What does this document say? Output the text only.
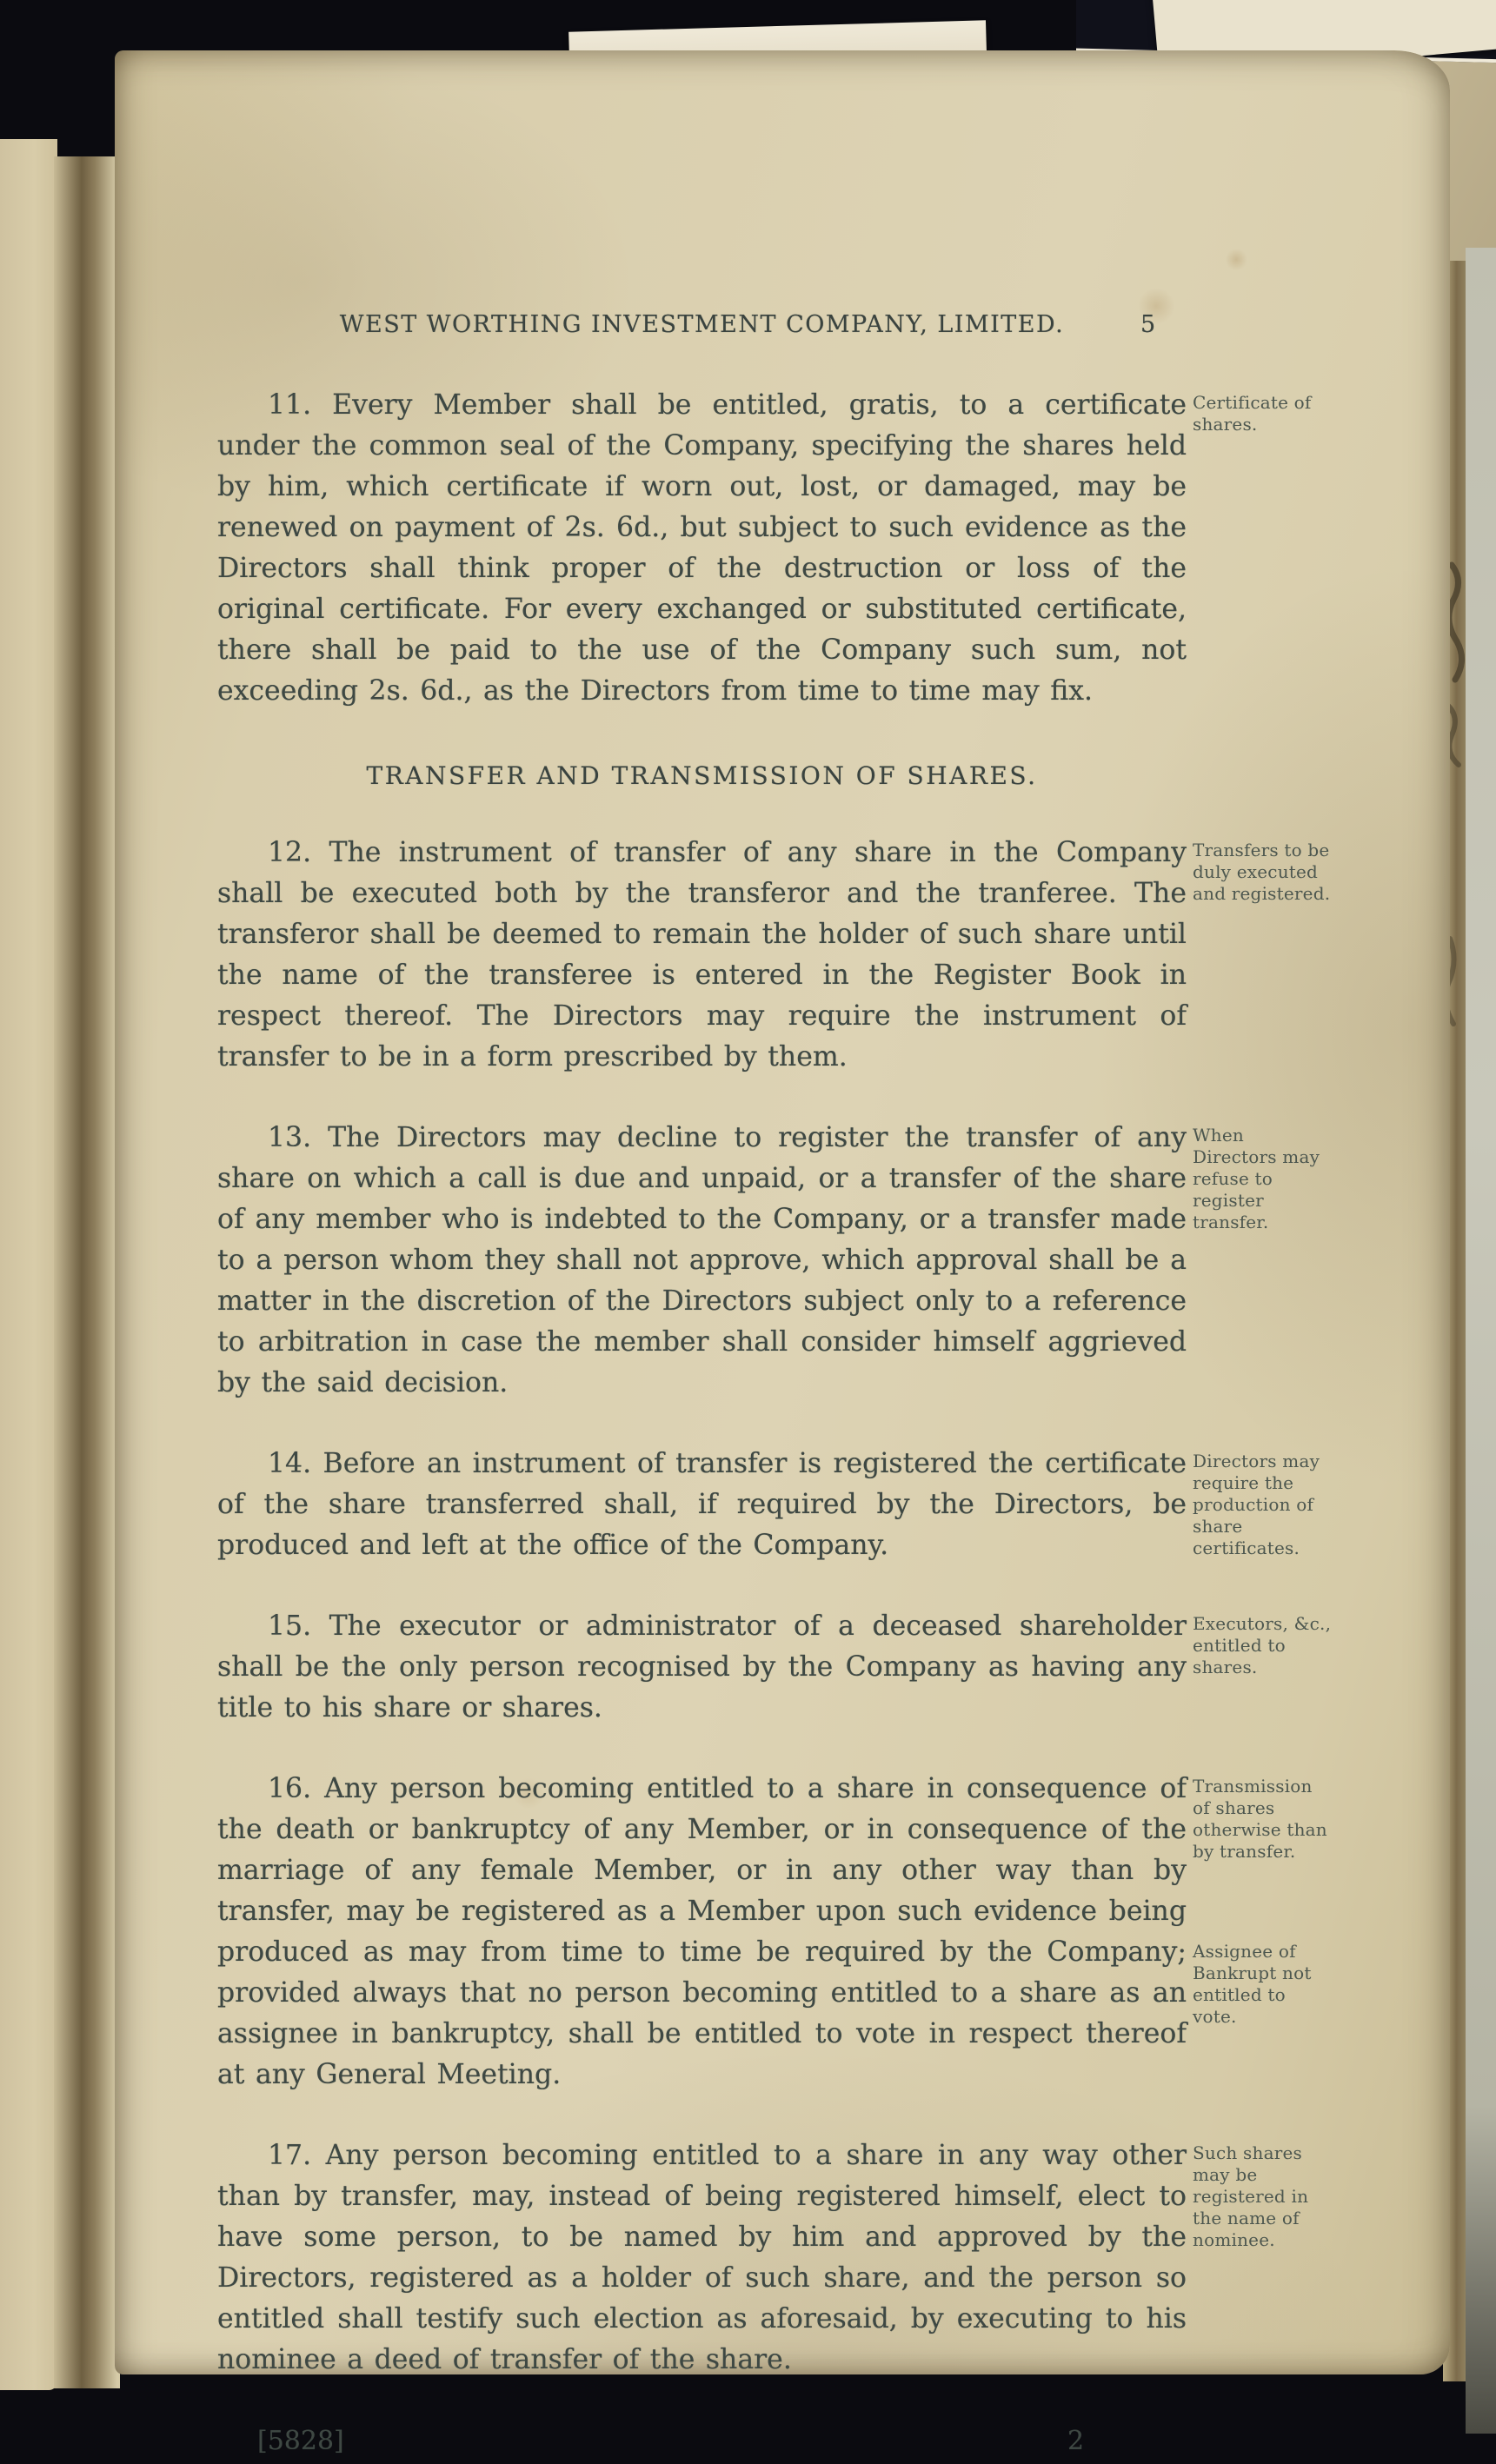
WEST WORTHING INVESTMENT COMPANY, LIMITED.	5

11. Every Member shall be entitled, gratis, to a certificate under the common seal of the Company, specifying the shares held by him, which certificate if worn out, lost, or damaged, may be renewed on payment of 2s. 6d., but subject to such evidence as the Directors shall think proper of the destruction or loss of the original certificate. For every exchanged or substituted certificate, there shall be paid to the use of the Company such sum, not exceeding 2s. 6d., as the Directors from time to time may fix.

Certificate of shares.
TRANSFER AND TRANSMISSION OF SHARES.

12. The instrument of transfer of any share in the Company shall be executed both by the transferor and the tranferee. The transferor shall be deemed to remain the holder of such share until the name of the transferee is entered in the Register Book in respect thereof. The Directors may require the instrument of transfer to be in a form prescribed by them.

Transfers to be duly executed and registered.

13. The Directors may decline to register the transfer of any share on which a call is due and unpaid, or a transfer of the share of any member who is indebted to the Company, or a transfer made to a person whom they shall not approve, which approval shall be a matter in the discretion of the Directors subject only to a reference to arbitration in case the member shall consider himself aggrieved by the said decision.

When Directors may refuse to register transfer.

14. Before an instrument of transfer is registered the certificate of the share transferred shall, if required by the Directors, be produced and left at the office of the Company.

Directors may require the production of share certificates.

15. The executor or administrator of a deceased shareholder shall be the only person recognised by the Company as having any title to his share or shares.

Executors, &c., entitled to shares.

16. Any person becoming entitled to a share in consequence of the death or bankruptcy of any Member, or in consequence of the marriage of any female Member, or in any other way than by transfer, may be registered as a Member upon such evidence being produced as may from time to time be required by the Company; provided always that no person becoming entitled to a share as an assignee in bankruptcy, shall be entitled to vote in respect thereof at any General Meeting.

Transmission of shares otherwise than by transfer.
Assignee of Bankrupt not entitled to vote.

17. Any person becoming entitled to a share in any way other than by transfer, may, instead of being registered himself, elect to have some person, to be named by him and approved by the Directors, registered as a holder of such share, and the person so entitled shall testify such election as aforesaid, by executing to his nominee a deed of transfer of the share.

Such shares may be registered in the name of nominee.
[5828]	2
